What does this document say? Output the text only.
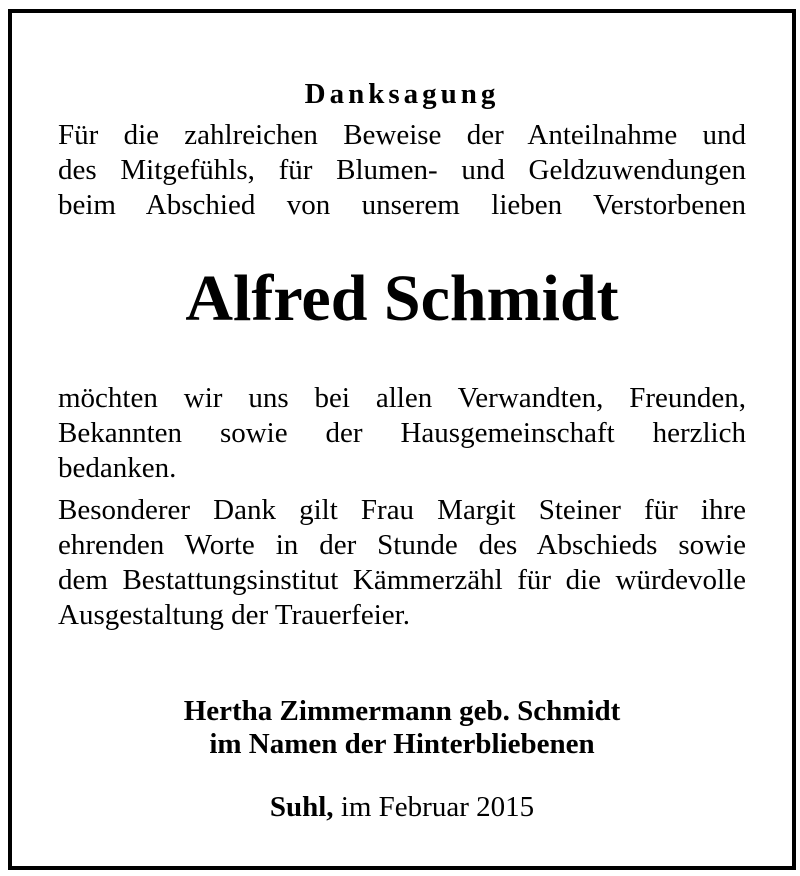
Danksagung
Für die zahlreichen Beweise der Anteilnahme und
des Mitgefühls, für Blumen- und Geldzuwendungen
beim Abschied von unserem lieben Verstorbenen
Alfred Schmidt
möchten wir uns bei allen Verwandten, Freunden,
Bekannten sowie der Hausgemeinschaft herzlich
bedanken.
Besonderer Dank gilt Frau Margit Steiner für ihre
ehrenden Worte in der Stunde des Abschieds sowie
dem Bestattungsinstitut Kämmerzähl für die würdevolle
Ausgestaltung der Trauerfeier.
Hertha Zimmermann geb. Schmidt
im Namen der Hinterbliebenen
Suhl, im Februar 2015
